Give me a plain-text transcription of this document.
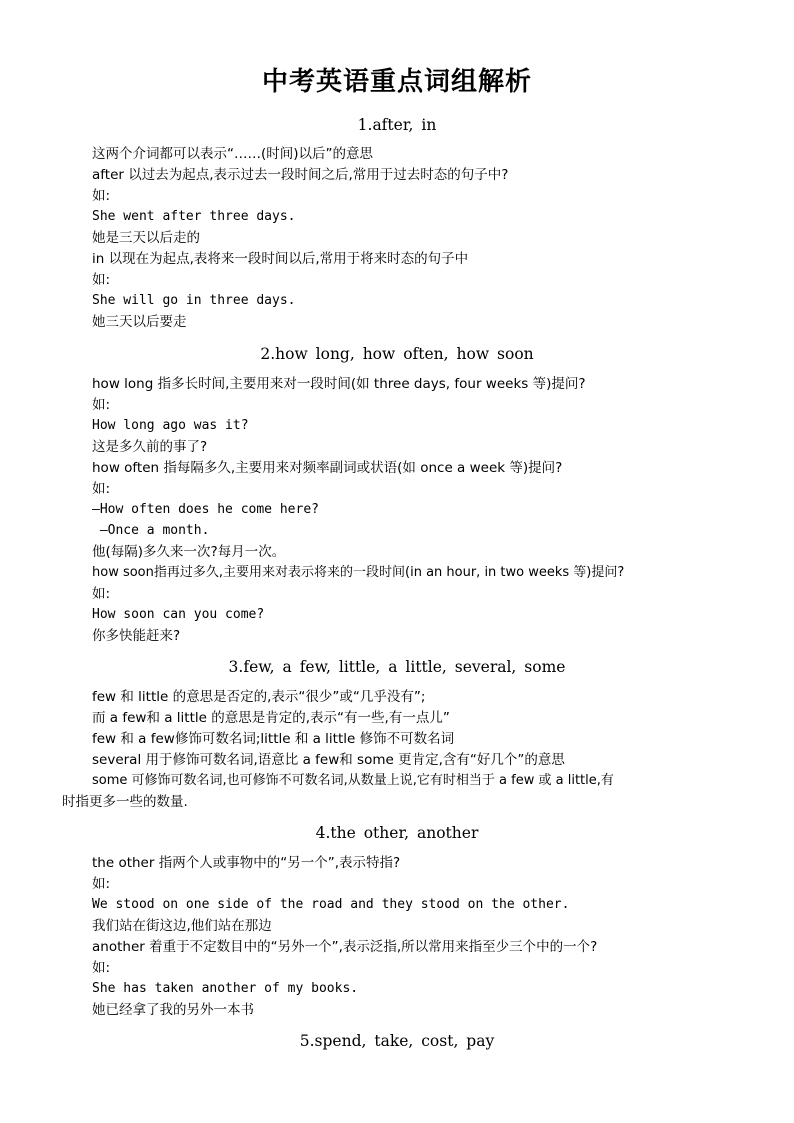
中考英语重点词组解析
1.after, in
这两个介词都可以表示“……(时间)以后”的意思
after 以过去为起点,表示过去一段时间之后,常用于过去时态的句子中?
如:
She went after three days.
她是三天以后走的
in 以现在为起点,表将来一段时间以后,常用于将来时态的句子中
如:
She will go in three days.
她三天以后要走
2.how long, how often, how soon
how long 指多长时间,主要用来对一段时间(如 three days, four weeks 等)提问?
如:
How long ago was it?
这是多久前的事了?
how often 指每隔多久,主要用来对频率副词或状语(如 once a week 等)提问?
如:
—How often does he come here?
—Once a month.
他(每隔)多久来一次?每月一次。
how soon指再过多久,主要用来对表示将来的一段时间(in an hour, in two weeks 等)提问?
如:
How soon can you come?
你多快能赶来?
3.few, a few, little, a little, several, some
few 和 little 的意思是否定的,表示“很少”或“几乎没有”;
而 a few和 a little 的意思是肯定的,表示“有一些,有一点儿”
few 和 a few修饰可数名词;little 和 a little 修饰不可数名词
several 用于修饰可数名词,语意比 a few和 some 更肯定,含有“好几个”的意思
some 可修饰可数名词,也可修饰不可数名词,从数量上说,它有时相当于 a few 或 a little,有
时指更多一些的数量.
4.the other, another
the other 指两个人或事物中的“另一个”,表示特指?
如:
We stood on one side of the road and they stood on the other.
我们站在街这边,他们站在那边
another 着重于不定数目中的“另外一个”,表示泛指,所以常用来指至少三个中的一个?
如:
She has taken another of my books.
她已经拿了我的另外一本书
5.spend, take, cost, pay
